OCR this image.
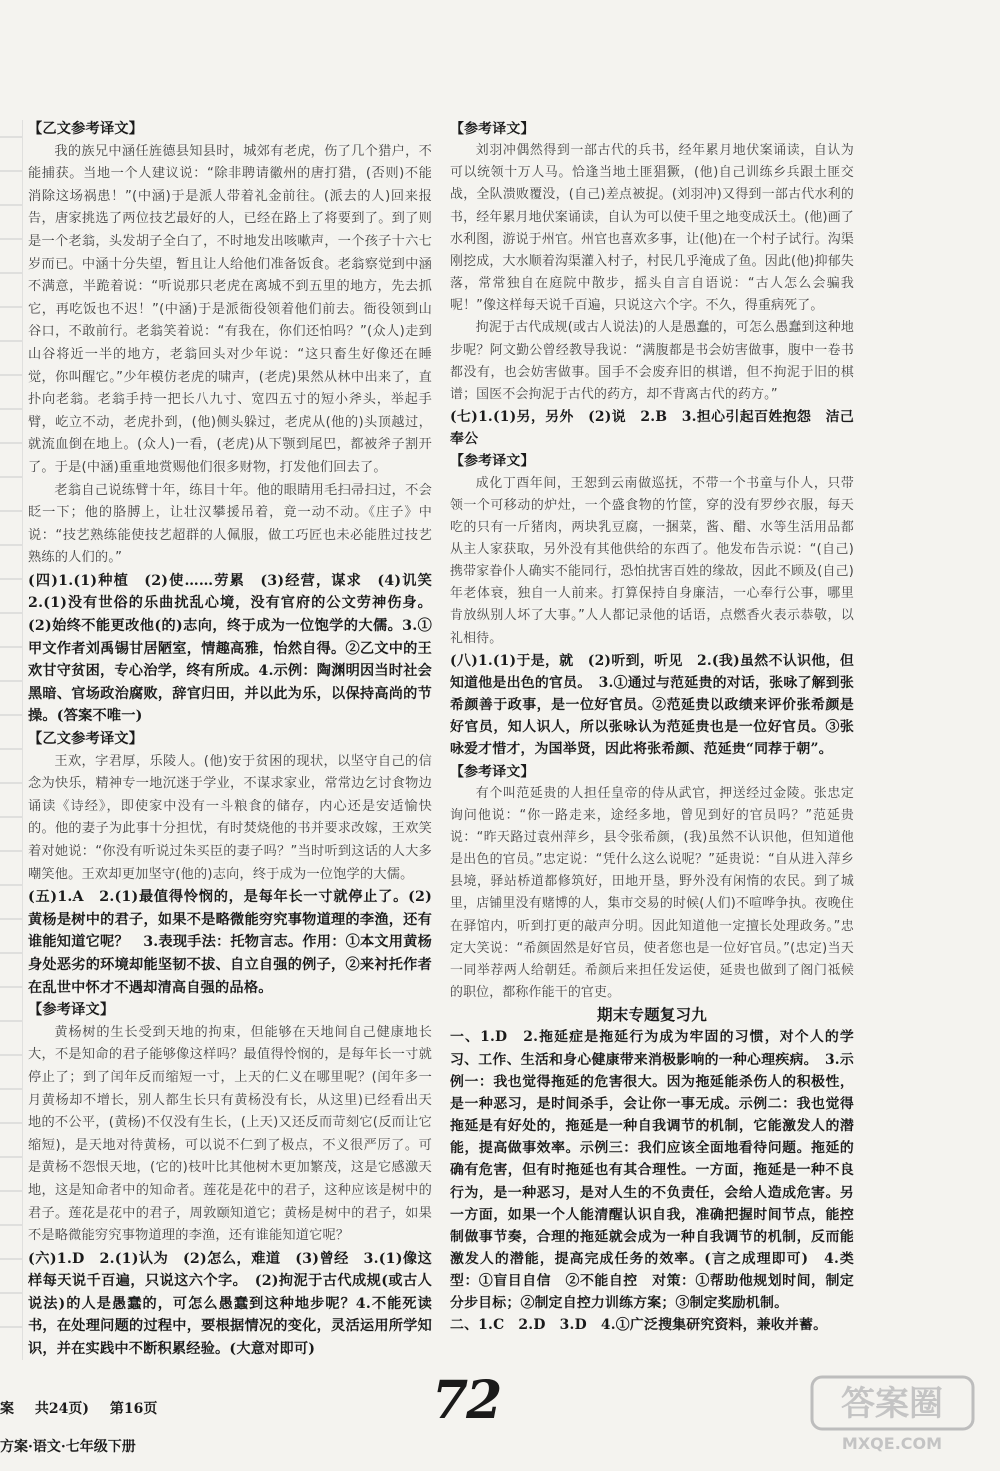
【乙文参考译文】

我的族兄中涵任旌德县知县时，城郊有老虎，伤了几个猎户，不能捕获。当地一个人建议说：“除非聘请徽州的唐打猎，(否则)不能消除这场祸患！”(中涵)于是派人带着礼金前往。(派去的人)回来报告，唐家挑选了两位技艺最好的人，已经在路上了将要到了。到了则是一个老翁，头发胡子全白了，不时地发出咳嗽声，一个孩子十六七岁而已。中涵十分失望，暂且让人给他们准备饭食。老翁察觉到中涵不满意，半跪着说：“听说那只老虎在离城不到五里的地方，先去抓它，再吃饭也不迟！”(中涵)于是派衙役领着他们前去。衙役领到山谷口，不敢前行。老翁笑着说：“有我在，你们还怕吗？”(众人)走到山谷将近一半的地方，老翁回头对少年说：“这只畜生好像还在睡觉，你叫醒它。”少年模仿老虎的啸声，(老虎)果然从林中出来了，直扑向老翁。老翁手持一把长八九寸、宽四五寸的短小斧头，举起手臂，屹立不动，老虎扑到，(他)侧头躲过，老虎从(他的)头顶越过，就流血倒在地上。(众人)一看，(老虎)从下颚到尾巴，都被斧子割开了。于是(中涵)重重地赏赐他们很多财物，打发他们回去了。

老翁自己说练臂十年，练目十年。他的眼睛用毛扫帚扫过，不会眨一下；他的胳膊上，让壮汉攀援吊着，竟一动不动。《庄子》中说：“技艺熟练能使技艺超群的人佩服，做工巧匠也未必能胜过技艺熟练的人们的。”

(四)1.(1)种植　(2)使……劳累　(3)经营，谋求　(4)讥笑　2.(1)没有世俗的乐曲扰乱心境，没有官府的公文劳神伤身。(2)始终不能更改他(的)志向，终于成为一位饱学的大儒。3.①甲文作者刘禹锡甘居陋室，情趣高雅，怡然自得。②乙文中的王欢甘守贫困，专心治学，终有所成。4.示例：陶渊明因当时社会黑暗、官场政治腐败，辞官归田，并以此为乐，以保持高尚的节操。(答案不唯一)

【乙文参考译文】

王欢，字君厚，乐陵人。(他)安于贫困的现状，以坚守自己的信念为快乐，精神专一地沉迷于学业，不谋求家业，常常边乞讨食物边诵读《诗经》，即使家中没有一斗粮食的储存，内心还是安适愉快的。他的妻子为此事十分担忧，有时焚烧他的书并要求改嫁，王欢笑着对她说：“你没有听说过朱买臣的妻子吗？”当时听到这话的人大多嘲笑他。王欢却更加坚守(他的)志向，终于成为一位饱学的大儒。

(五)1.A　2.(1)最值得怜悯的，是每年长一寸就停止了。(2)黄杨是树中的君子，如果不是略微能穷究事物道理的李渔，还有谁能知道它呢？　3.表现手法：托物言志。作用：①本文用黄杨身处恶劣的环境却能坚韧不拔、自立自强的例子，②来衬托作者在乱世中怀才不遇却清高自强的品格。

【参考译文】

黄杨树的生长受到天地的拘束，但能够在天地间自己健康地长大，不是知命的君子能够像这样吗？最值得怜悯的，是每年长一寸就停止了；到了闰年反而缩短一寸，上天的仁义在哪里呢？(闰年多一月黄杨却不增长，别人都生长只有黄杨没有长，从这里)已经看出天地的不公平，(黄杨)不仅没有生长，(上天)又还反而苛刻它(反而让它缩短)，是天地对待黄杨，可以说不仁到了极点，不义很严厉了。可是黄杨不怨恨天地，(它的)枝叶比其他树木更加繁茂，这是它感激天地，这是知命者中的知命者。莲花是花中的君子，这种应该是树中的君子。莲花是花中的君子，周敦颐知道它；黄杨是树中的君子，如果不是略微能穷究事物道理的李渔，还有谁能知道它呢？

(六)1.D　2.(1)认为　(2)怎么，难道　(3)曾经　3.(1)像这样每天说千百遍，只说这六个字。　(2)拘泥于古代成规(或古人说法)的人是愚蠢的，可怎么愚蠢到这种地步呢？4.不能死读书，在处理问题的过程中，要根据情况的变化，灵活运用所学知识，并在实践中不断积累经验。(大意对即可)

【参考译文】

刘羽冲偶然得到一部古代的兵书，经年累月地伏案诵读，自认为可以统领十万人马。恰逢当地土匪猖獗，(他)自己训练乡兵跟土匪交战，全队溃败覆没，(自己)差点被捉。(刘羽冲)又得到一部古代水利的书，经年累月地伏案诵读，自认为可以使千里之地变成沃土。(他)画了水利图，游说于州官。州官也喜欢多事，让(他)在一个村子试行。沟渠刚挖成，大水顺着沟渠灌入村子，村民几乎淹成了鱼。因此(他)抑郁失落，常常独自在庭院中散步，摇头自言自语说：“古人怎么会骗我呢！”像这样每天说千百遍，只说这六个字。不久，得重病死了。

拘泥于古代成规(或古人说法)的人是愚蠢的，可怎么愚蠢到这种地步呢？阿文勤公曾经教导我说：“满腹都是书会妨害做事，腹中一卷书都没有，也会妨害做事。国手不会废弃旧的棋谱，但不拘泥于旧的棋谱；国医不会拘泥于古代的药方，却不背离古代的药方。”

(七)1.(1)另，另外　(2)说　2.B　3.担心引起百姓抱怨　洁己奉公

【参考译文】

成化丁酉年间，王恕到云南做巡抚，不带一个书童与仆人，只带领一个可移动的炉灶，一个盛食物的竹筐，穿的没有罗纱衣服，每天吃的只有一斤猪肉，两块乳豆腐，一捆菜，酱、醋、水等生活用品都从主人家获取，另外没有其他供给的东西了。他发布告示说：“(自己)携带家眷仆人确实不能同行，恐怕扰害百姓的缘故，因此不顾及(自己)年老体衰，独自一人前来。打算保持自身廉洁，一心奉行公事，哪里肯放纵别人坏了大事。”人人都记录他的话语，点燃香火表示恭敬，以礼相待。

(八)1.(1)于是，就　(2)听到，听见　2.(我)虽然不认识他，但知道他是出色的官员。　3.①通过与范延贵的对话，张咏了解到张希颜善于政事，是一位好官员。②范延贵以政绩来评价张希颜是好官员，知人识人，所以张咏认为范延贵也是一位好官员。③张咏爱才惜才，为国举贤，因此将张希颜、范延贵“同荐于朝”。

【参考译文】

有个叫范延贵的人担任皇帝的侍从武官，押送经过金陵。张忠定询问他说：“你一路走来，途经多地，曾见到好的官员吗？”范延贵说：“昨天路过袁州萍乡，县令张希颜，(我)虽然不认识他，但知道他是出色的官员。”忠定说：“凭什么这么说呢？”延贵说：“自从进入萍乡县境，驿站桥道都修筑好，田地开垦，野外没有闲惰的农民。到了城里，店铺里没有赌博的人，集市交易的时候(人们)不喧哗争执。夜晚住在驿馆内，听到打更的敲声分明。因此知道他一定擅长处理政务。”忠定大笑说：“希颜固然是好官员，使者您也是一位好官员。”(忠定)当天一同举荐两人给朝廷。希颜后来担任发运使，延贵也做到了阁门祗候的职位，都称作能干的官吏。

期末专题复习九

一、1.D　2.拖延症是拖延行为成为牢固的习惯，对个人的学习、工作、生活和身心健康带来消极影响的一种心理疾病。　3.示例一：我也觉得拖延的危害很大。因为拖延能杀伤人的积极性，是一种恶习，是时间杀手，会让你一事无成。示例二：我也觉得拖延是有好处的，拖延是一种自我调节的机制，它能激发人的潜能，提高做事效率。示例三：我们应该全面地看待问题。拖延的确有危害，但有时拖延也有其合理性。一方面，拖延是一种不良行为，是一种恶习，是对人生的不负责任，会给人造成危害。另一方面，如果一个人能清醒认识自我，准确把握时间节点，能控制做事节奏，合理的拖延就会成为一种自我调节的机制，反而能激发人的潜能，提高完成任务的效率。(言之成理即可)　4.类型：①盲目自信　②不能自控　对策：①帮助他规划时间，制定分步目标；②制定自控力训练方案；③制定奖励机制。

二、1.C　2.D　3.D　4.①广泛搜集研究资料，兼收并蓄。

案 共24页) 第16页
方案·语文·七年级下册
72	答案圈
MXQE.COM
